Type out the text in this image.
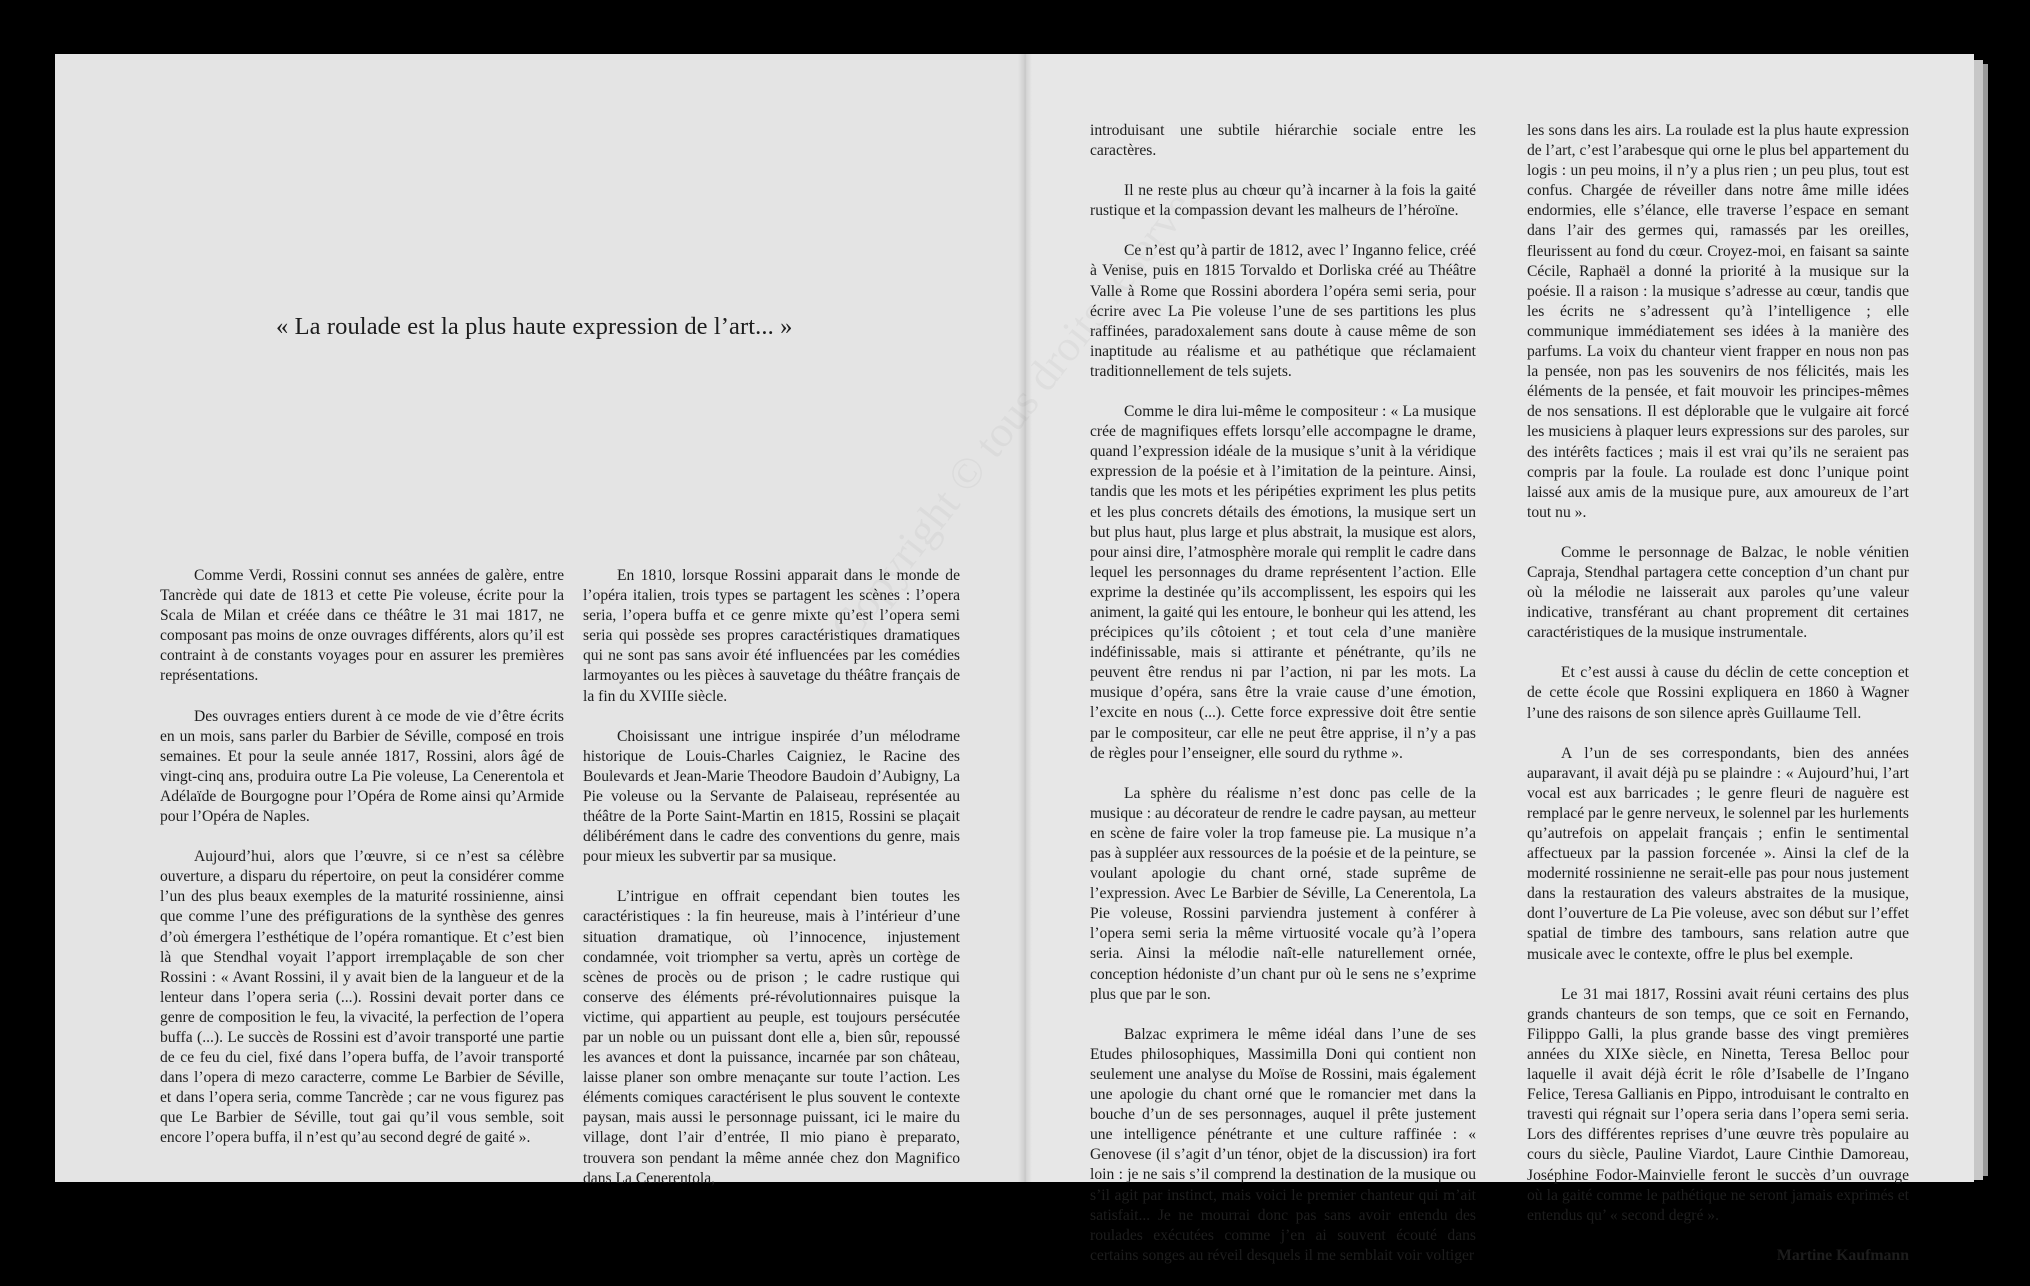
« La roulade est la plus haute expression de l’art... »

Comme Verdi, Rossini connut ses années de galère, entre Tancrède qui date de 1813 et cette Pie voleuse, écrite pour la Scala de Milan et créée dans ce théâtre le 31 mai 1817, ne composant pas moins de onze ouvrages différents, alors qu’il est contraint à de constants voyages pour en assurer les premières représentations.

Des ouvrages entiers durent à ce mode de vie d’être écrits en un mois, sans parler du Barbier de Séville, composé en trois semaines. Et pour la seule année 1817, Rossini, alors âgé de vingt-cinq ans, produira outre La Pie voleuse, La Cenerentola et Adélaïde de Bourgogne pour l’Opéra de Rome ainsi qu’Armide pour l’Opéra de Naples.

Aujourd’hui, alors que l’œuvre, si ce n’est sa célèbre ouverture, a disparu du répertoire, on peut la considérer comme l’un des plus beaux exemples de la maturité rossinienne, ainsi que comme l’une des préfigurations de la synthèse des genres d’où émergera l’esthétique de l’opéra romantique. Et c’est bien là que Stendhal voyait l’apport irremplaçable de son cher Rossini : « Avant Rossini, il y avait bien de la langueur et de la lenteur dans l’opera seria (...). Rossini devait porter dans ce genre de composition le feu, la vivacité, la perfection de l’opera buffa (...). Le succès de Rossini est d’avoir transporté une partie de ce feu du ciel, fixé dans l’opera buffa, de l’avoir transporté dans l’opera di mezo caracterre, comme Le Barbier de Séville, et dans l’opera seria, comme Tancrède ; car ne vous figurez pas que Le Barbier de Séville, tout gai qu’il vous semble, soit encore l’opera buffa, il n’est qu’au second degré de gaité ».

En 1810, lorsque Rossini apparait dans le monde de l’opéra italien, trois types se partagent les scènes : l’opera seria, l’opera buffa et ce genre mixte qu’est l’opera semi seria qui possède ses propres caractéristiques dramatiques qui ne sont pas sans avoir été influencées par les comédies larmoyantes ou les pièces à sauvetage du théâtre français de la fin du XVIIIe siècle.

Choisissant une intrigue inspirée d’un mélodrame historique de Louis-Charles Caigniez, le Racine des Boulevards et Jean-Marie Theodore Baudoin d’Aubigny, La Pie voleuse ou la Servante de Palaiseau, représentée au théâtre de la Porte Saint-Martin en 1815, Rossini se plaçait délibérément dans le cadre des conventions du genre, mais pour mieux les subvertir par sa musique.

L’intrigue en offrait cependant bien toutes les caractéristiques : la fin heureuse, mais à l’intérieur d’une situation dramatique, où l’innocence, injustement condamnée, voit triompher sa vertu, après un cortège de scènes de procès ou de prison ; le cadre rustique qui conserve des éléments pré-révolutionnaires puisque la victime, qui appartient au peuple, est toujours persécutée par un noble ou un puissant dont elle a, bien sûr, repoussé les avances et dont la puissance, incarnée par son château, laisse planer son ombre menaçante sur toute l’action. Les éléments comiques caractérisent le plus souvent le contexte paysan, mais aussi le personnage puissant, ici le maire du village, dont l’air d’entrée, Il mio piano è preparato, trouvera son pendant la même année chez don Magnifico dans La Cenerentola,

introduisant une subtile hiérarchie sociale entre les caractères.

Il ne reste plus au chœur qu’à incarner à la fois la gaité rustique et la compassion devant les malheurs de l’héroïne.

Ce n’est qu’à partir de 1812, avec l’ Inganno felice, créé à Venise, puis en 1815 Torvaldo et Dorliska créé au Théâtre Valle à Rome que Rossini abordera l’opéra semi seria, pour écrire avec La Pie voleuse l’une de ses partitions les plus raffinées, paradoxalement sans doute à cause même de son inaptitude au réalisme et au pathétique que réclamaient traditionnellement de tels sujets.

Comme le dira lui-même le compositeur : « La musique crée de magnifiques effets lorsqu’elle accompagne le drame, quand l’expression idéale de la musique s’unit à la véridique expression de la poésie et à l’imitation de la peinture. Ainsi, tandis que les mots et les péripéties expriment les plus petits et les plus concrets détails des émotions, la musique sert un but plus haut, plus large et plus abstrait, la musique est alors, pour ainsi dire, l’atmosphère morale qui remplit le cadre dans lequel les personnages du drame représentent l’action. Elle exprime la destinée qu’ils accomplissent, les espoirs qui les animent, la gaité qui les entoure, le bonheur qui les attend, les précipices qu’ils côtoient ; et tout cela d’une manière indéfinissable, mais si attirante et pénétrante, qu’ils ne peuvent être rendus ni par l’action, ni par les mots. La musique d’opéra, sans être la vraie cause d’une émotion, l’excite en nous (...). Cette force expressive doit être sentie par le compositeur, car elle ne peut être apprise, il n’y a pas de règles pour l’enseigner, elle sourd du rythme ».

La sphère du réalisme n’est donc pas celle de la musique : au décorateur de rendre le cadre paysan, au metteur en scène de faire voler la trop fameuse pie. La musique n’a pas à suppléer aux ressources de la poésie et de la peinture, se voulant apologie du chant orné, stade suprême de l’expression. Avec Le Barbier de Séville, La Cenerentola, La Pie voleuse, Rossini parviendra justement à conférer à l’opera semi seria la même virtuosité vocale qu’à l’opera seria. Ainsi la mélodie naît-elle naturellement ornée, conception hédoniste d’un chant pur où le sens ne s’exprime plus que par le son.

Balzac exprimera le même idéal dans l’une de ses Etudes philosophiques, Massimilla Doni qui contient non seulement une analyse du Moïse de Rossini, mais également une apologie du chant orné que le romancier met dans la bouche d’un de ses personnages, auquel il prête justement une intelligence pénétrante et une culture raffinée : « Genovese (il s’agit d’un ténor, objet de la discussion) ira fort loin : je ne sais s’il comprend la destination de la musique ou s’il agit par instinct, mais voici le premier chanteur qui m’ait satisfait... Je ne mourrai donc pas sans avoir entendu des roulades exécutées comme j’en ai souvent écouté dans certains songes au réveil desquels il me semblait voir voltiger

les sons dans les airs. La roulade est la plus haute expression de l’art, c’est l’arabesque qui orne le plus bel appartement du logis : un peu moins, il n’y a plus rien ; un peu plus, tout est confus. Chargée de réveiller dans notre âme mille idées endormies, elle s’élance, elle traverse l’espace en semant dans l’air des germes qui, ramassés par les oreilles, fleurissent au fond du cœur. Croyez-moi, en faisant sa sainte Cécile, Raphaël a donné la priorité à la musique sur la poésie. Il a raison : la musique s’adresse au cœur, tandis que les écrits ne s’adressent qu’à l’intelligence ; elle communique immédiatement ses idées à la manière des parfums. La voix du chanteur vient frapper en nous non pas la pensée, non pas les souvenirs de nos félicités, mais les éléments de la pensée, et fait mouvoir les principes-mêmes de nos sensations. Il est déplorable que le vulgaire ait forcé les musiciens à plaquer leurs expressions sur des paroles, sur des intérêts factices ; mais il est vrai qu’ils ne seraient pas compris par la foule. La roulade est donc l’unique point laissé aux amis de la musique pure, aux amoureux de l’art tout nu ».

Comme le personnage de Balzac, le noble vénitien Capraja, Stendhal partagera cette conception d’un chant pur où la mélodie ne laisserait aux paroles qu’une valeur indicative, transférant au chant proprement dit certaines caractéristiques de la musique instrumentale.

Et c’est aussi à cause du déclin de cette conception et de cette école que Rossini expliquera en 1860 à Wagner l’une des raisons de son silence après Guillaume Tell.

A l’un de ses correspondants, bien des années auparavant, il avait déjà pu se plaindre : « Aujourd’hui, l’art vocal est aux barricades ; le genre fleuri de naguère est remplacé par le genre nerveux, le solennel par les hurlements qu’autrefois on appelait français ; enfin le sentimental affectueux par la passion forcenée ». Ainsi la clef de la modernité rossinienne ne serait-elle pas pour nous justement dans la restauration des valeurs abstraites de la musique, dont l’ouverture de La Pie voleuse, avec son début sur l’effet spatial de timbre des tambours, sans relation autre que musicale avec le contexte, offre le plus bel exemple.

Le 31 mai 1817, Rossini avait réuni certains des plus grands chanteurs de son temps, que ce soit en Fernando, Filipppo Galli, la plus grande basse des vingt premières années du XIXe siècle, en Ninetta, Teresa Belloc pour laquelle il avait déjà écrit le rôle d’Isabelle de l’Ingano Felice, Teresa Gallianis en Pippo, introduisant le contralto en travesti qui régnait sur l’opera seria dans l’opera semi seria. Lors des différentes reprises d’une œuvre très populaire au cours du siècle, Pauline Viardot, Laure Cinthie Damoreau, Joséphine Fodor-Mainvielle feront le succès d’un ouvrage où la gaité comme le pathétique ne seront jamais exprimés et entendus qu’ « second degré ».

Martine Kaufmann
